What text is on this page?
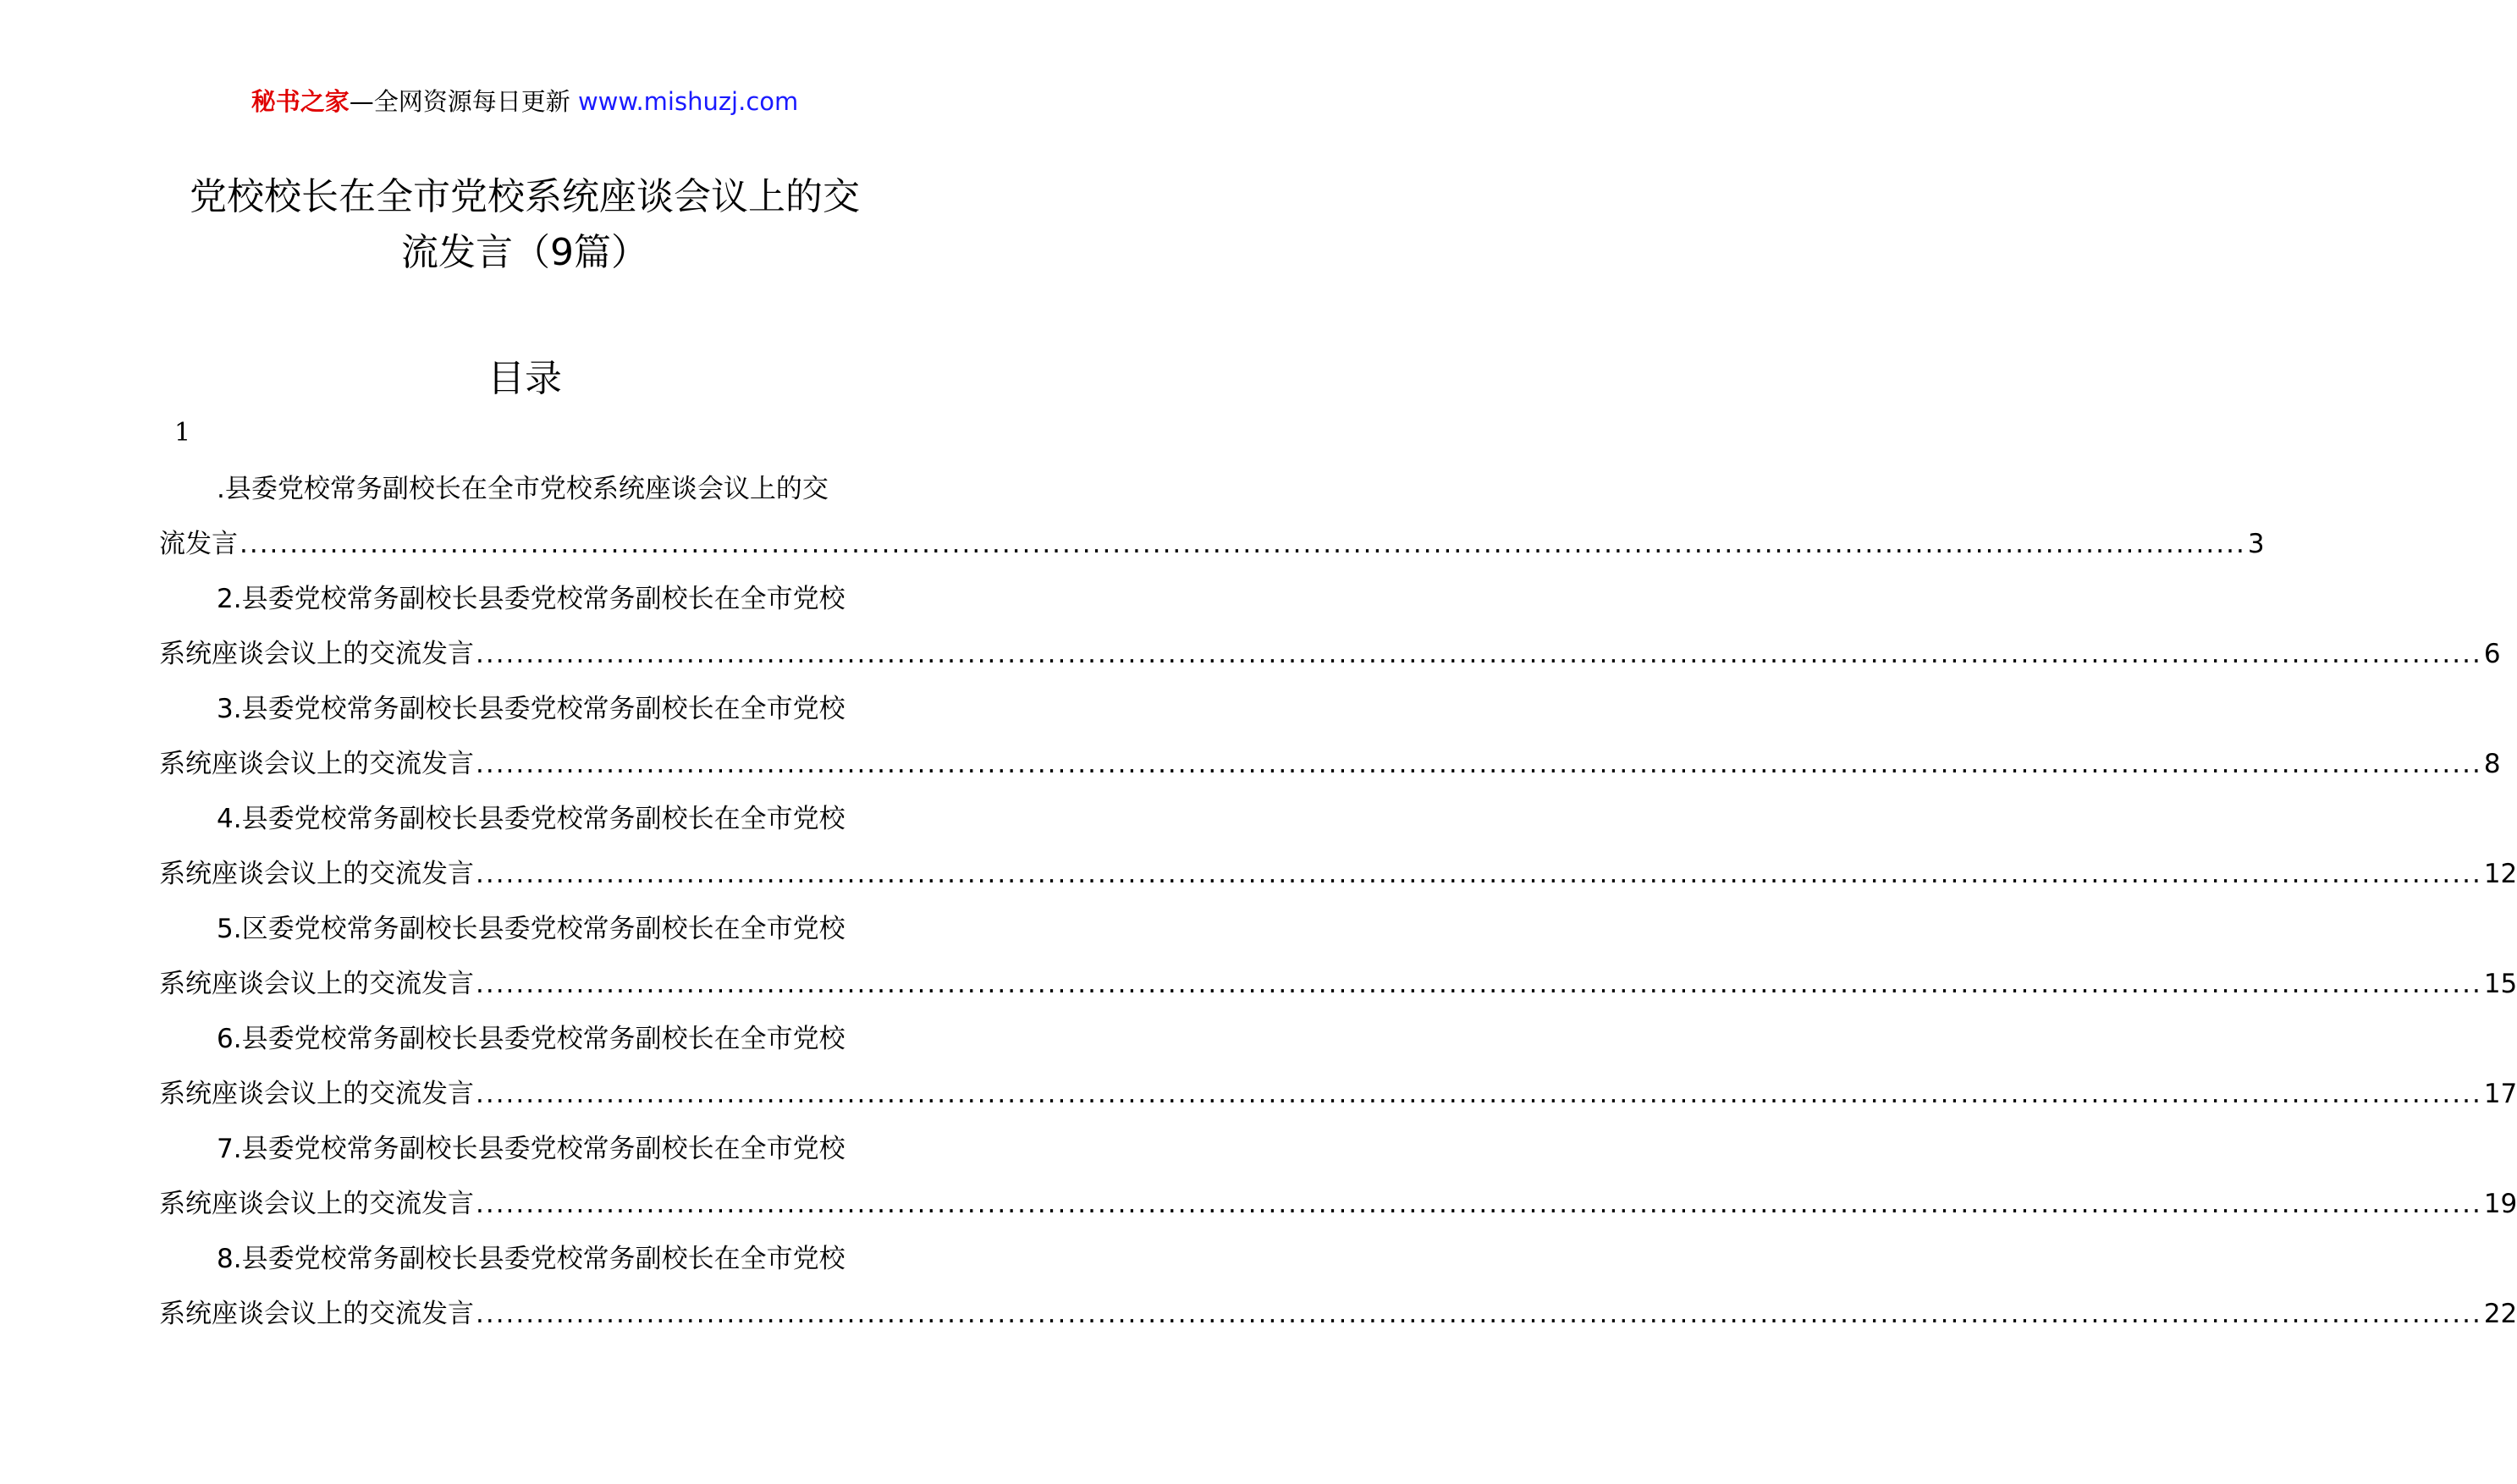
秘书之家—全网资源每日更新 www.mishuzj.com
党校校长在全市党校系统座谈会议上的交
流发言（9篇）
目录
1
.县委党校常务副校长在全市党校系统座谈会议上的交
流发言 ........................................................................................................................................................................................................ 3
2.县委党校常务副校长县委党校常务副校长在全市党校
系统座谈会议上的交流发言 ........................................................................................................................................................................................................ 6
3.县委党校常务副校长县委党校常务副校长在全市党校
系统座谈会议上的交流发言 ........................................................................................................................................................................................................ 8
4.县委党校常务副校长县委党校常务副校长在全市党校
系统座谈会议上的交流发言 ........................................................................................................................................................................................................ 12
5.区委党校常务副校长县委党校常务副校长在全市党校
系统座谈会议上的交流发言 ........................................................................................................................................................................................................ 15
6.县委党校常务副校长县委党校常务副校长在全市党校
系统座谈会议上的交流发言 ........................................................................................................................................................................................................ 17
7.县委党校常务副校长县委党校常务副校长在全市党校
系统座谈会议上的交流发言 ........................................................................................................................................................................................................ 19
8.县委党校常务副校长县委党校常务副校长在全市党校
系统座谈会议上的交流发言 ........................................................................................................................................................................................................ 22
